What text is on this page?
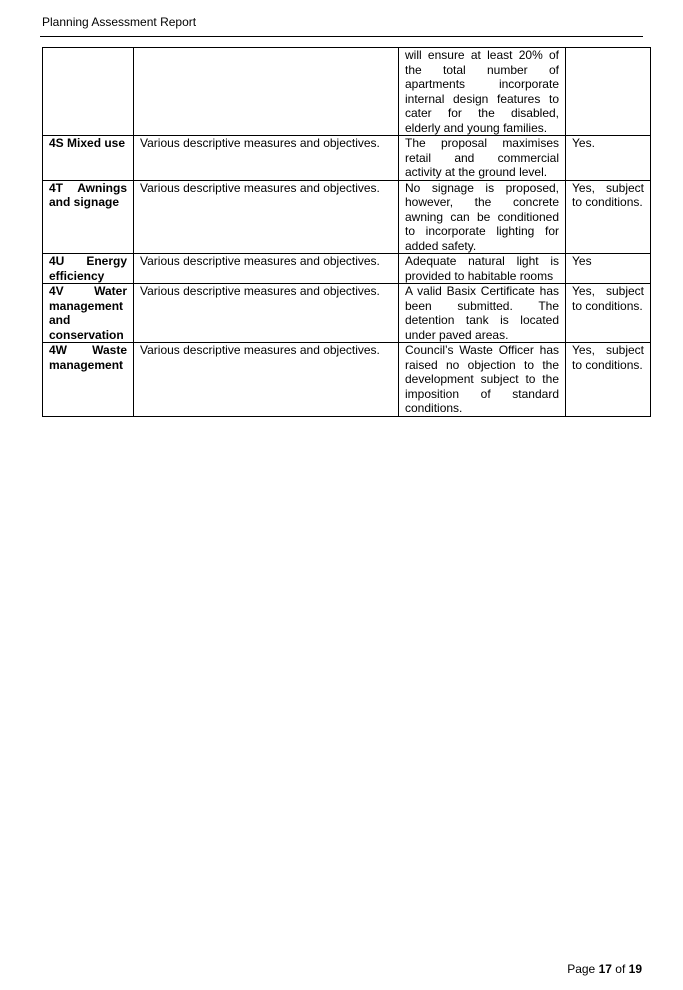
Planning Assessment Report
		will ensure at least 20% of the total number of apartments incorporate internal design features to cater for the disabled, elderly and young families.	
4S Mixed use	Various descriptive measures and objectives.	The proposal maximises retail and commercial activity at the ground level.	Yes.
4T Awnings and signage	Various descriptive measures and objectives.	No signage is proposed, however, the concrete awning can be conditioned to incorporate lighting for added safety.	Yes, subject to conditions.
4U Energy efficiency	Various descriptive measures and objectives.	Adequate natural light is provided to habitable rooms	Yes
4V Water management and conservation	Various descriptive measures and objectives.	A valid Basix Certificate has been submitted. The detention tank is located under paved areas.	Yes, subject to conditions.
4W Waste management	Various descriptive measures and objectives.	Council’s Waste Officer has raised no objection to the development subject to the imposition of standard conditions.	Yes, subject to conditions.
Page 17 of 19
